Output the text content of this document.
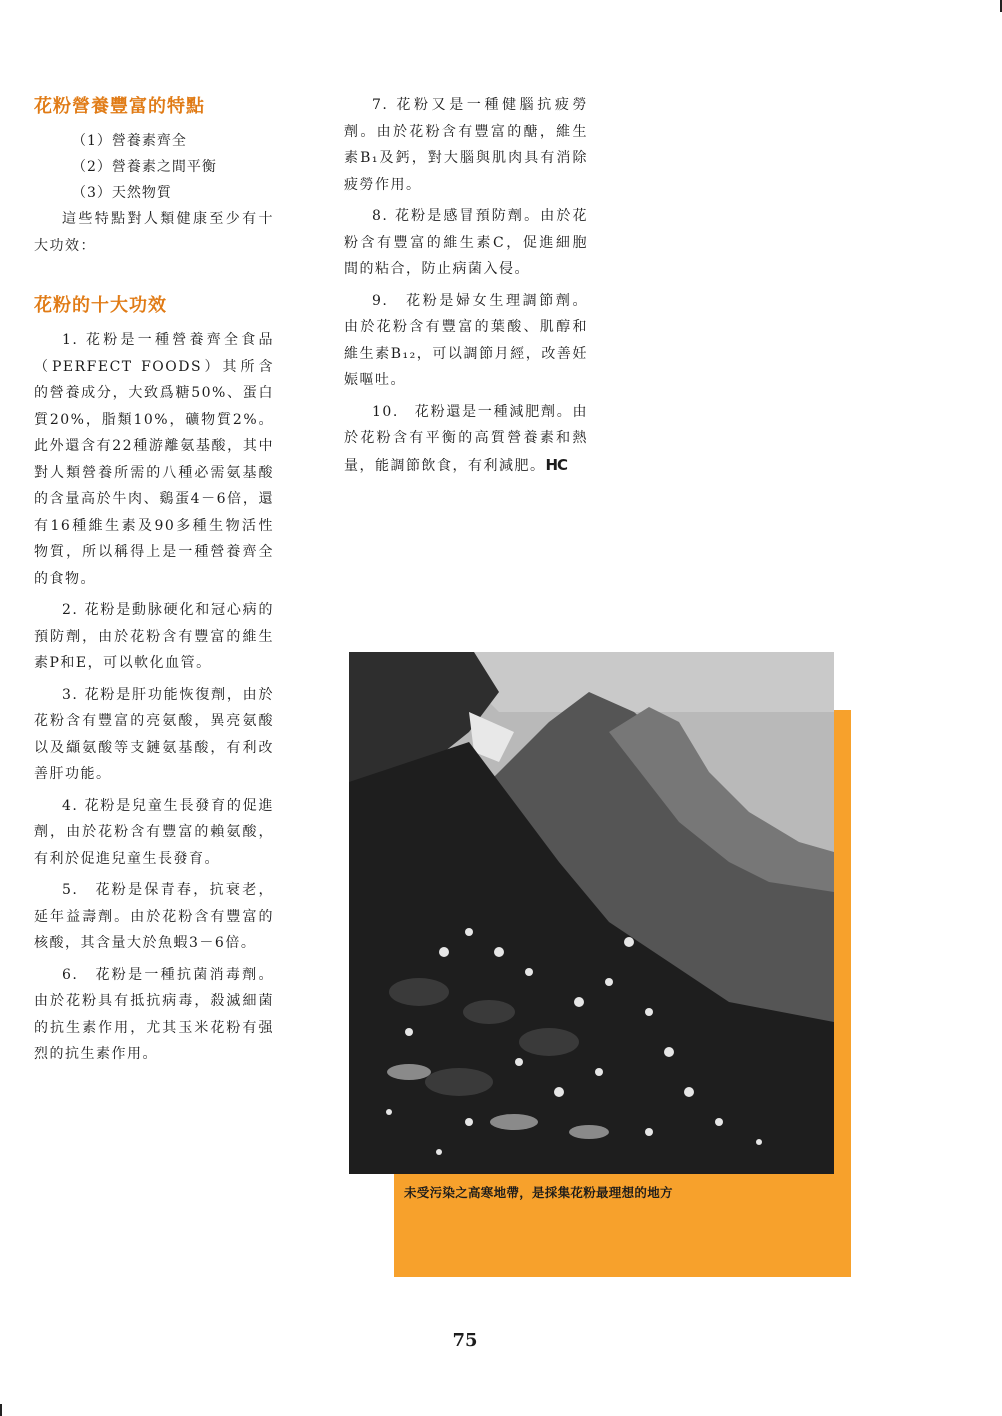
花粉營養豐富的特點
（1）營養素齊全
（2）營養素之間平衡
（3）天然物質

這些特點對人類健康至少有十大功效：

花粉的十大功效

1. 花粉是一種營養齊全食品（PERFECT FOODS）其所含的營養成分，大致爲糖50%、蛋白質20%，脂類10%，礦物質2%。此外還含有22種游離氨基酸，其中對人類營養所需的八種必需氨基酸的含量高於牛肉、鷄蛋4－6倍，還有16種維生素及90多種生物活性物質，所以稱得上是一種營養齊全的食物。

2. 花粉是動脉硬化和冠心病的預防劑，由於花粉含有豐富的維生素P和E，可以軟化血管。

3. 花粉是肝功能恢復劑，由於花粉含有豐富的亮氨酸，異亮氨酸以及纈氨酸等支鏈氨基酸，有利改善肝功能。

4. 花粉是兒童生長發育的促進劑，由於花粉含有豐富的賴氨酸，有利於促進兒童生長發育。

5.　花粉是保青春，抗衰老，延年益壽劑。由於花粉含有豐富的核酸，其含量大於魚蝦3－6倍。

6.　花粉是一種抗菌消毒劑。由於花粉具有抵抗病毒，殺滅細菌的抗生素作用，尤其玉米花粉有强烈的抗生素作用。

7. 花粉又是一種健腦抗疲勞劑。由於花粉含有豐富的醣，維生素B₁及鈣，對大腦與肌肉具有消除疲勞作用。

8. 花粉是感冒預防劑。由於花粉含有豐富的維生素C，促進細胞間的粘合，防止病菌入侵。

9.　花粉是婦女生理調節劑。由於花粉含有豐富的葉酸、肌醇和維生素B₁₂，可以調節月經，改善妊娠嘔吐。

10.　花粉還是一種減肥劑。由於花粉含有平衡的高質營養素和熱量，能調節飲食，有利減肥。HC

未受污染之高寒地帶，是採集花粉最理想的地方
75
